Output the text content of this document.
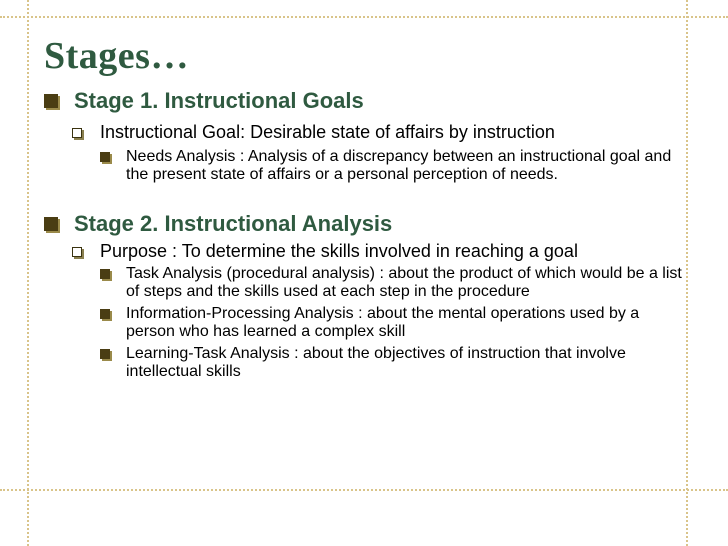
Stages…
Stage 1. Instructional Goals
Instructional Goal: Desirable state of affairs by instruction
Needs Analysis : Analysis of a discrepancy between an instructional goal and the present state of affairs or a personal perception of needs.
Stage 2. Instructional Analysis
Purpose : To determine the skills involved in reaching a goal
Task Analysis (procedural analysis) : about the product of which would be a list of steps and the skills used at each step in the procedure
Information-Processing Analysis : about the mental operations used by a person who has learned a complex skill
Learning-Task Analysis : about the objectives of instruction that involve intellectual skills
